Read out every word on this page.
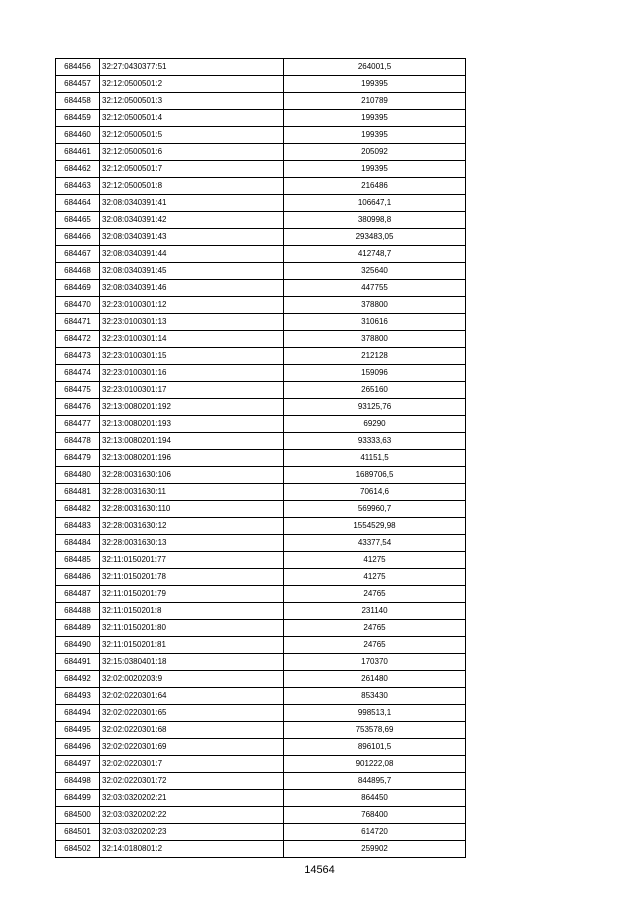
684456	32:27:0430377:51	264001,5
684457	32:12:0500501:2	199395
684458	32:12:0500501:3	210789
684459	32:12:0500501:4	199395
684460	32:12:0500501:5	199395
684461	32:12:0500501:6	205092
684462	32:12:0500501:7	199395
684463	32:12:0500501:8	216486
684464	32:08:0340391:41	106647,1
684465	32:08:0340391:42	380998,8
684466	32:08:0340391:43	293483,05
684467	32:08:0340391:44	412748,7
684468	32:08:0340391:45	325640
684469	32:08:0340391:46	447755
684470	32:23:0100301:12	378800
684471	32:23:0100301:13	310616
684472	32:23:0100301:14	378800
684473	32:23:0100301:15	212128
684474	32:23:0100301:16	159096
684475	32:23:0100301:17	265160
684476	32:13:0080201:192	93125,76
684477	32:13:0080201:193	69290
684478	32:13:0080201:194	93333,63
684479	32:13:0080201:196	41151,5
684480	32:28:0031630:106	1689706,5
684481	32:28:0031630:11	70614,6
684482	32:28:0031630:110	569960,7
684483	32:28:0031630:12	1554529,98
684484	32:28:0031630:13	43377,54
684485	32:11:0150201:77	41275
684486	32:11:0150201:78	41275
684487	32:11:0150201:79	24765
684488	32:11:0150201:8	231140
684489	32:11:0150201:80	24765
684490	32:11:0150201:81	24765
684491	32:15:0380401:18	170370
684492	32:02:0020203:9	261480
684493	32:02:0220301:64	853430
684494	32:02:0220301:65	998513,1
684495	32:02:0220301:68	753578,69
684496	32:02:0220301:69	896101,5
684497	32:02:0220301:7	901222,08
684498	32:02:0220301:72	844895,7
684499	32:03:0320202:21	864450
684500	32:03:0320202:22	768400
684501	32:03:0320202:23	614720
684502	32:14:0180801:2	259902
14564
